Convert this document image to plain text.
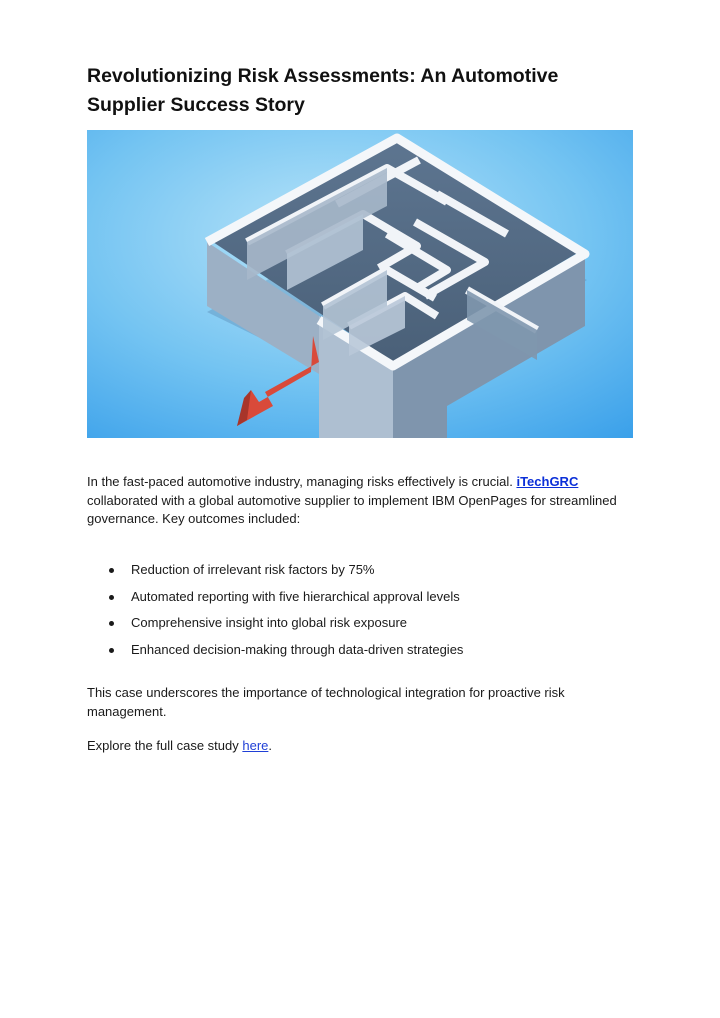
Revolutionizing Risk Assessments: An Automotive Supplier Success Story

In the fast-paced automotive industry, managing risks effectively is crucial. iTechGRC collaborated with a global automotive supplier to implement IBM OpenPages for streamlined governance. Key outcomes included:

Reduction of irrelevant risk factors by 75%
Automated reporting with five hierarchical approval levels
Comprehensive insight into global risk exposure
Enhanced decision-making through data-driven strategies

This case underscores the importance of technological integration for proactive risk management.

Explore the full case study here.
